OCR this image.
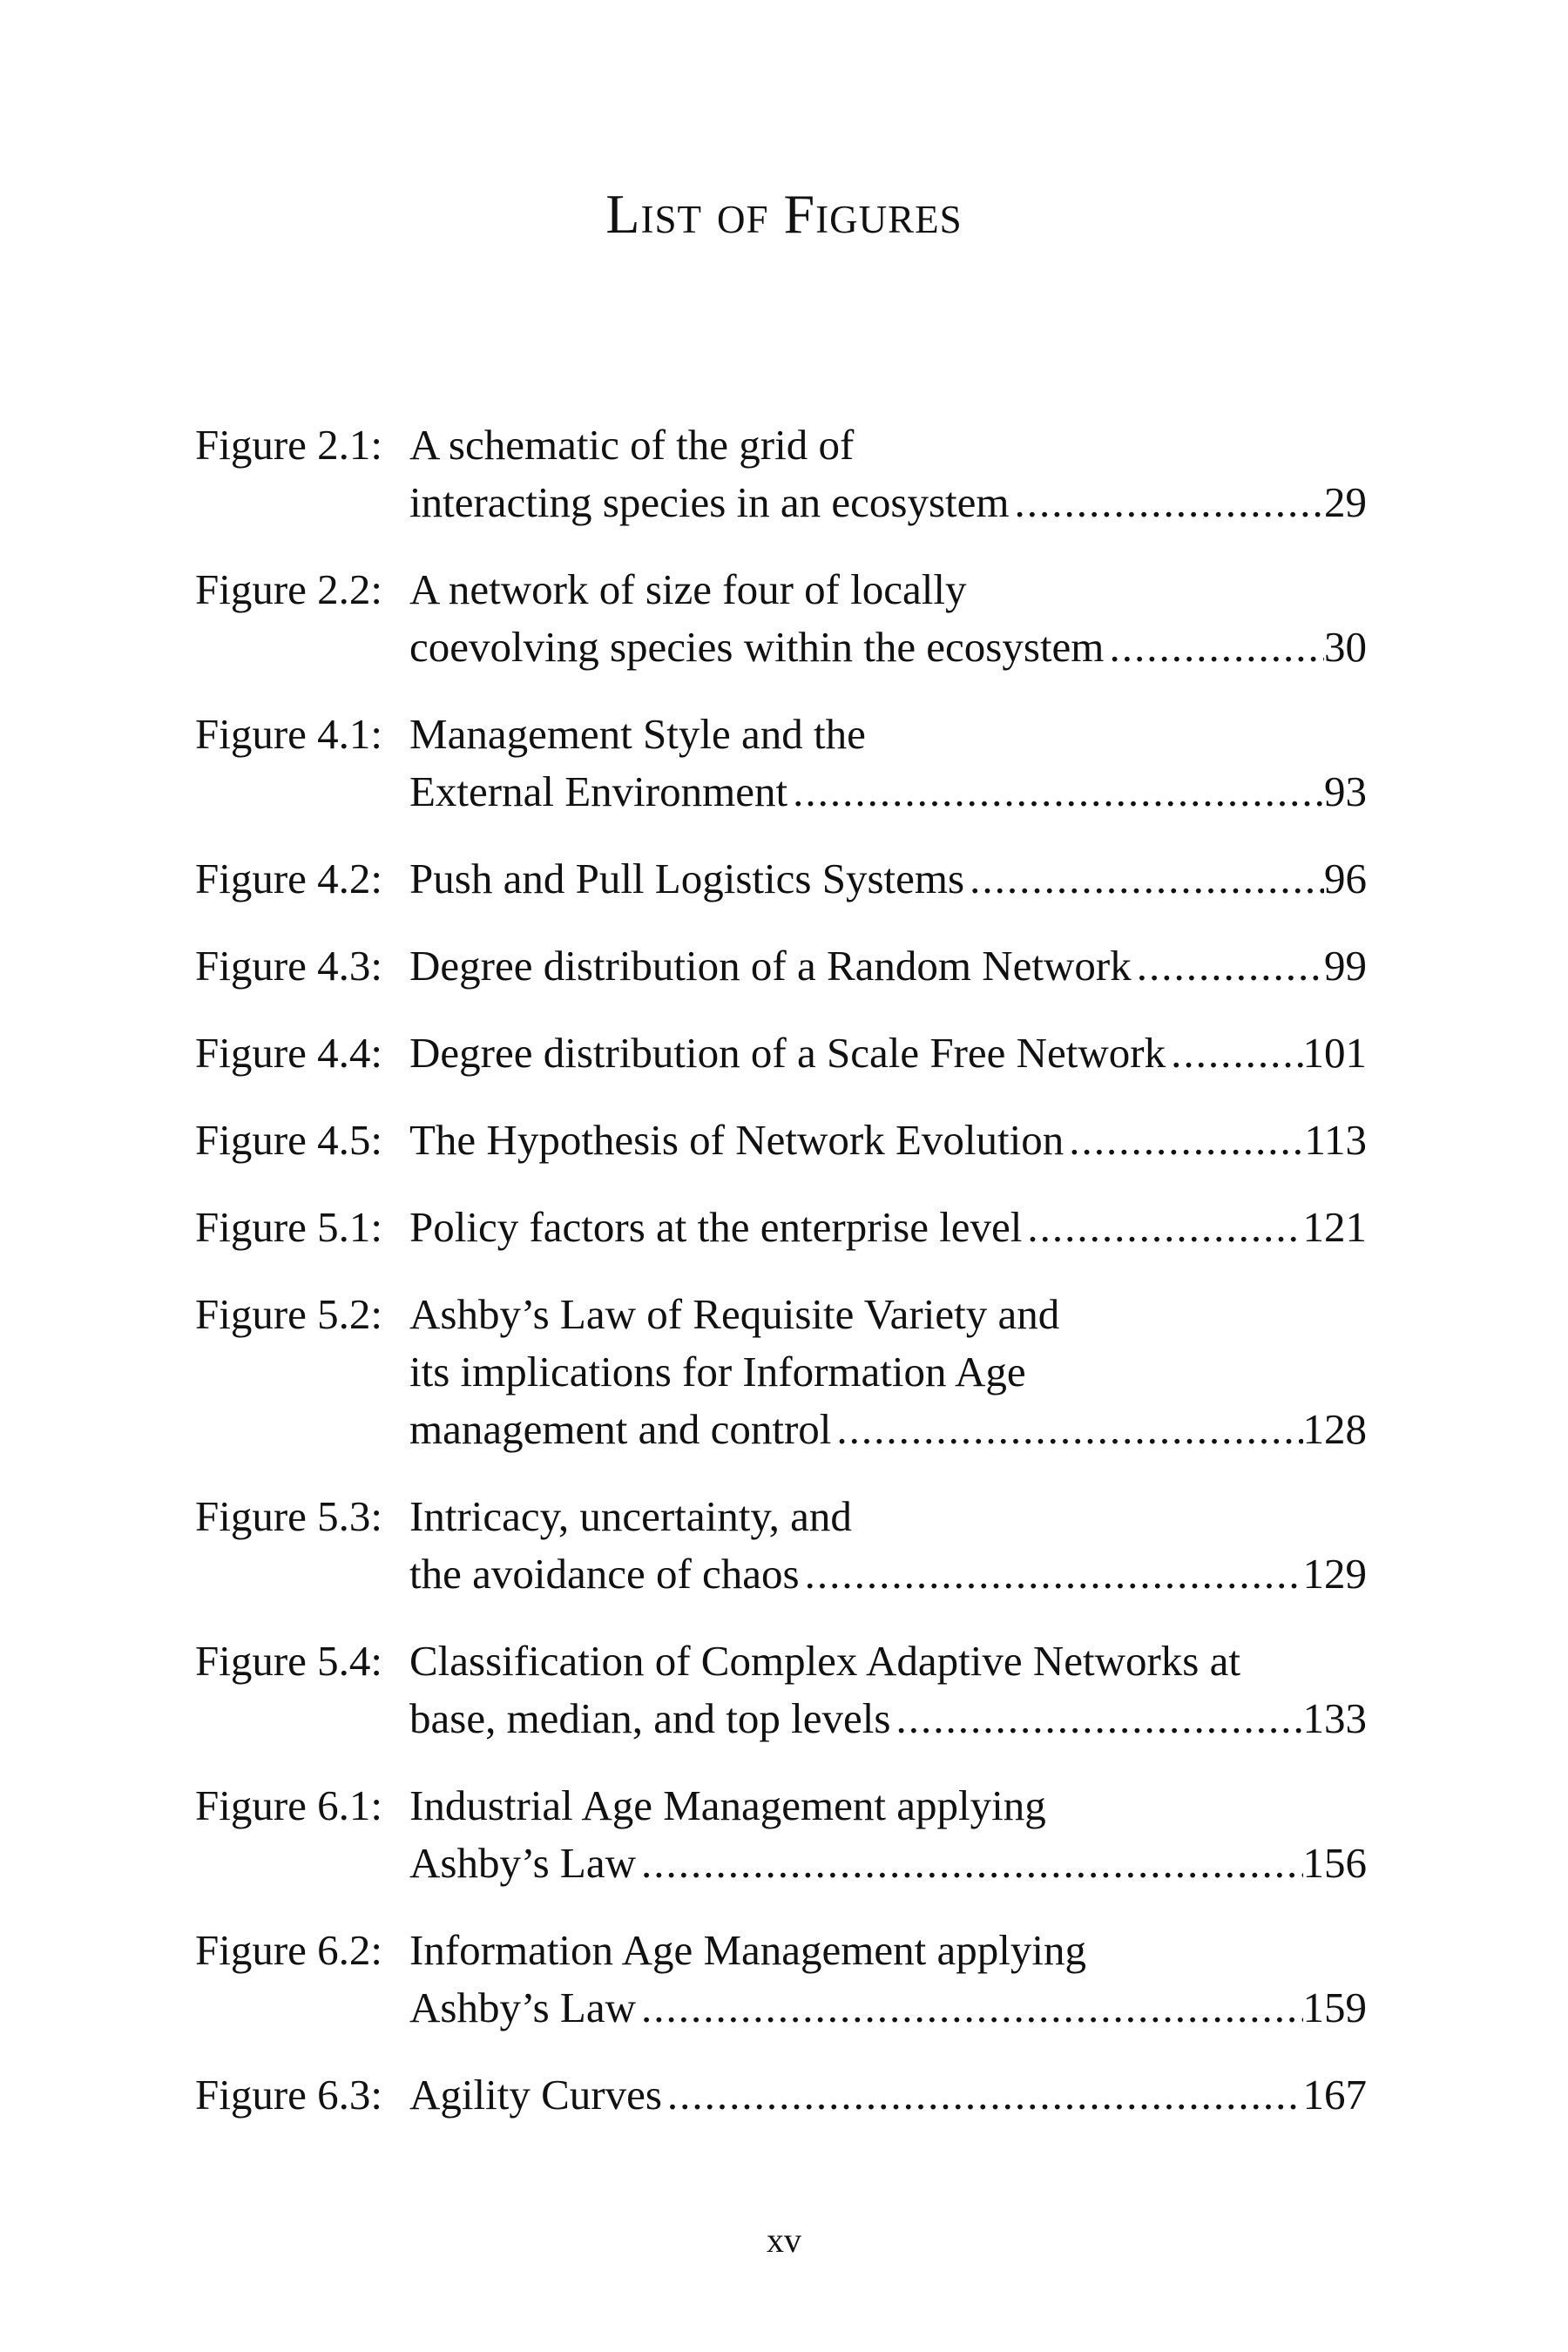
List of Figures
Figure 2.1: A schematic of the grid of
interacting species in an ecosystem .....	29
Figure 2.2: A network of size four of locally
coevolving species within the ecosystem .....	30
Figure 4.1: Management Style and the
External Environment .....	93
Figure 4.2: Push and Pull Logistics Systems .....	96
Figure 4.3: Degree distribution of a Random Network .....	99
Figure 4.4: Degree distribution of a Scale Free Network .....	101
Figure 4.5: The Hypothesis of Network Evolution .....	113
Figure 5.1: Policy factors at the enterprise level .....	121
Figure 5.2: Ashby’s Law of Requisite Variety and
its implications for Information Age
management and control .....	128
Figure 5.3: Intricacy, uncertainty, and
the avoidance of chaos .....	129
Figure 5.4: Classification of Complex Adaptive Networks at
base, median, and top levels .....	133
Figure 6.1: Industrial Age Management applying
Ashby’s Law .....	156
Figure 6.2: Information Age Management applying
Ashby’s Law .....	159
Figure 6.3: Agility Curves .....	167
xv
